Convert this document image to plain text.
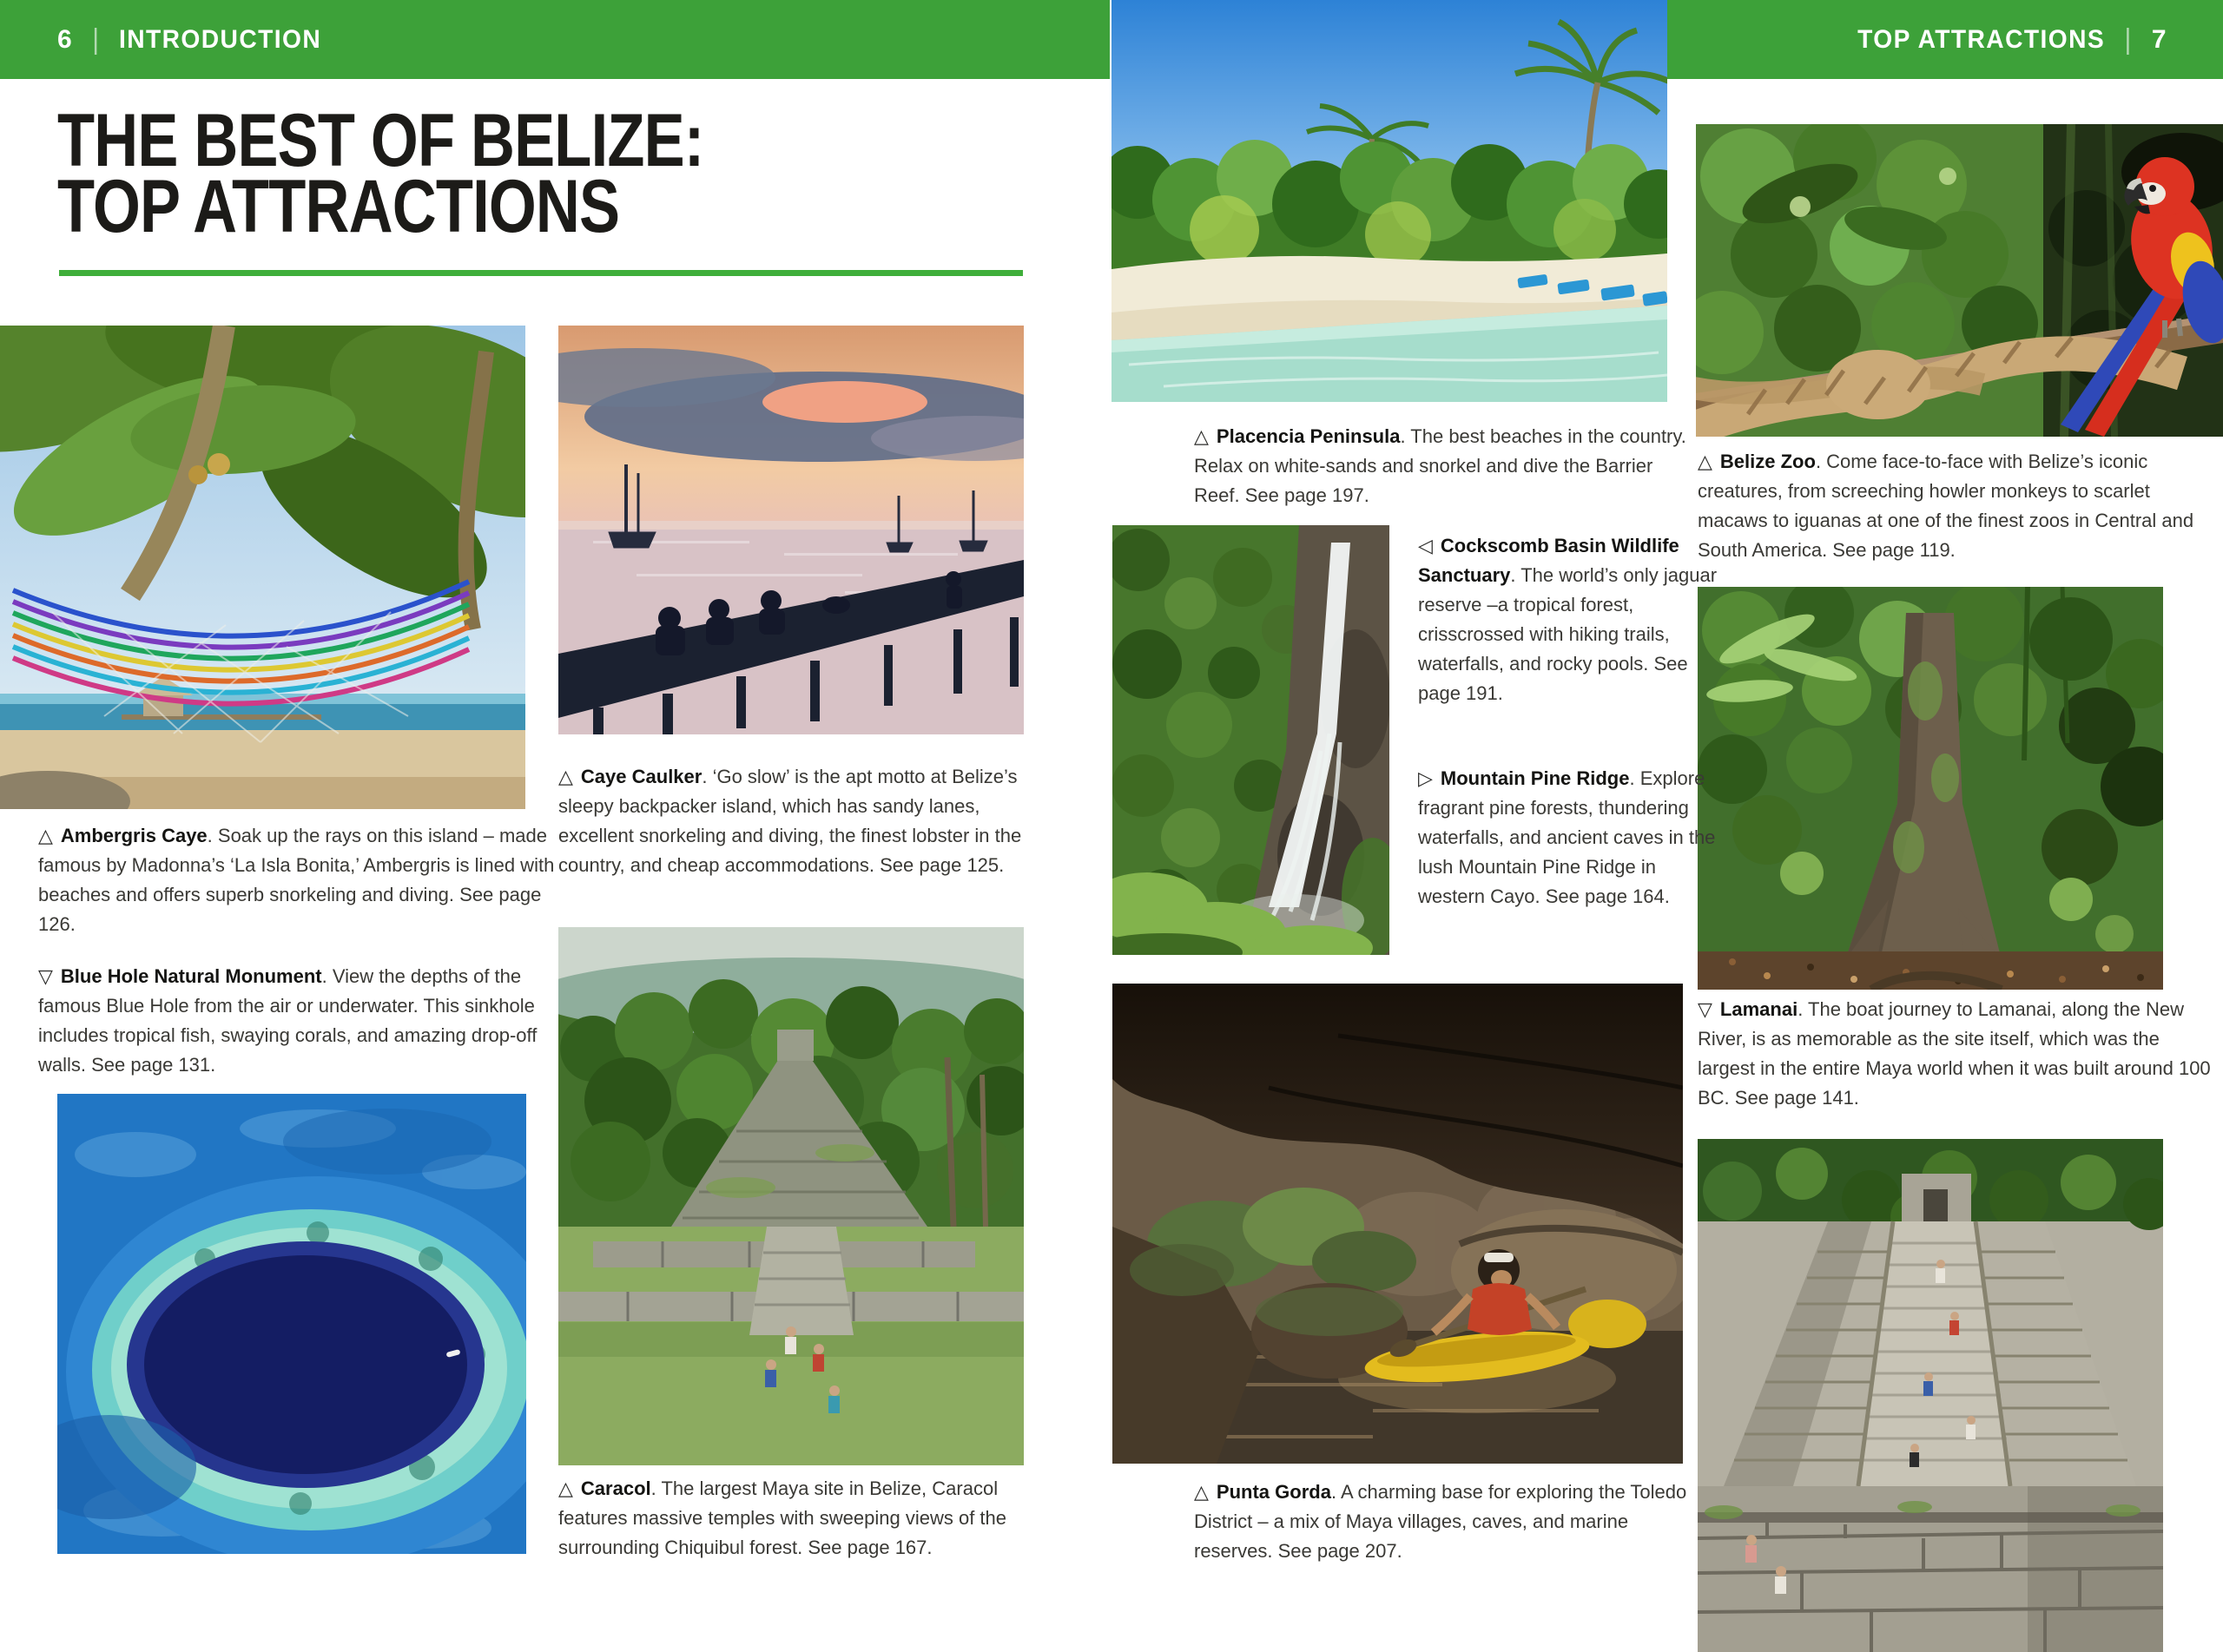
6 | INTRODUCTION	TOP ATTRACTIONS | 7
THE BEST OF BELIZE:
TOP ATTRACTIONS

△ Ambergris Caye. Soak up the rays on this island – made famous by Madonna’s ‘La Isla Bonita,’ Ambergris is lined with beaches and offers superb snorkeling and diving. See page 126.

▽ Blue Hole Natural Monument. View the depths of the famous Blue Hole from the air or underwater. This sinkhole includes tropical fish, swaying corals, and amazing drop-off walls. See page 131.

△ Caye Caulker. ‘Go slow’ is the apt motto at Belize’s sleepy backpacker island, which has sandy lanes, excellent snorkeling and diving, the finest lobster in the country, and cheap accommodations. See page 125.

△ Caracol. The largest Maya site in Belize, Caracol features massive temples with sweeping views of the surrounding Chiquibul forest. See page 167.

△ Placencia Peninsula. The best beaches in the country. Relax on white-sands and snorkel and dive the Barrier Reef. See page 197.

◁ Cockscomb Basin Wildlife Sanctuary. The world’s only jaguar reserve –a tropical forest, crisscrossed with hiking trails, waterfalls, and rocky pools. See page 191.

▷ Mountain Pine Ridge. Explore fragrant pine forests, thundering waterfalls, and ancient caves in the lush Mountain Pine Ridge in western Cayo. See page 164.

△ Punta Gorda. A charming base for exploring the Toledo District – a mix of Maya villages, caves, and marine reserves. See page 207.

△ Belize Zoo. Come face-to-face with Belize’s iconic creatures, from screeching howler monkeys to scarlet macaws to iguanas at one of the finest zoos in Central and South America. See page 119.

▽ Lamanai. The boat journey to Lamanai, along the New River, is as memorable as the site itself, which was the largest in the entire Maya world when it was built around 100 BC. See page 141.
